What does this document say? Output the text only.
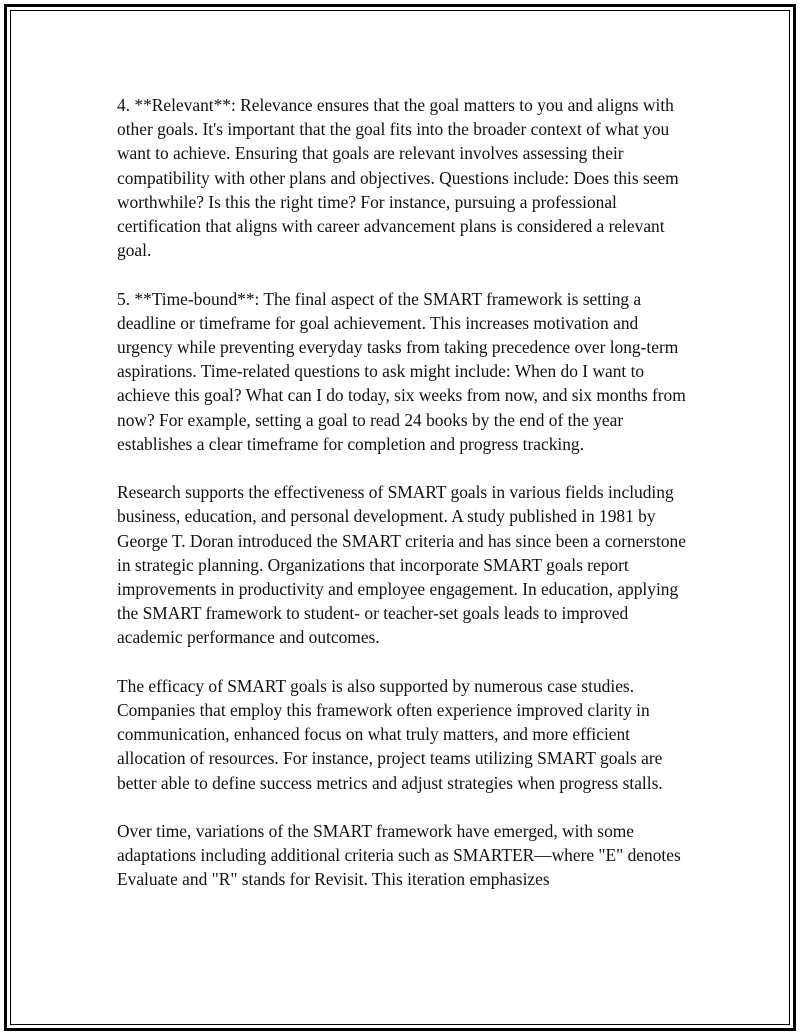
4. **Relevant**: Relevance ensures that the goal matters to you and aligns with other goals. It's important that the goal fits into the broader context of what you want to achieve. Ensuring that goals are relevant involves assessing their compatibility with other plans and objectives. Questions include: Does this seem worthwhile? Is this the right time? For instance, pursuing a professional certification that aligns with career advancement plans is considered a relevant goal.

5. **Time-bound**: The final aspect of the SMART framework is setting a deadline or timeframe for goal achievement. This increases motivation and urgency while preventing everyday tasks from taking precedence over long-term aspirations. Time-related questions to ask might include: When do I want to achieve this goal? What can I do today, six weeks from now, and six months from now? For example, setting a goal to read 24 books by the end of the year establishes a clear timeframe for completion and progress tracking.

Research supports the effectiveness of SMART goals in various fields including business, education, and personal development. A study published in 1981 by George T. Doran introduced the SMART criteria and has since been a cornerstone in strategic planning. Organizations that incorporate SMART goals report improvements in productivity and employee engagement. In education, applying the SMART framework to student- or teacher-set goals leads to improved academic performance and outcomes.

The efficacy of SMART goals is also supported by numerous case studies. Companies that employ this framework often experience improved clarity in communication, enhanced focus on what truly matters, and more efficient allocation of resources. For instance, project teams utilizing SMART goals are better able to define success metrics and adjust strategies when progress stalls.

Over time, variations of the SMART framework have emerged, with some adaptations including additional criteria such as SMARTER—where "E" denotes Evaluate and "R" stands for Revisit. This iteration emphasizes
